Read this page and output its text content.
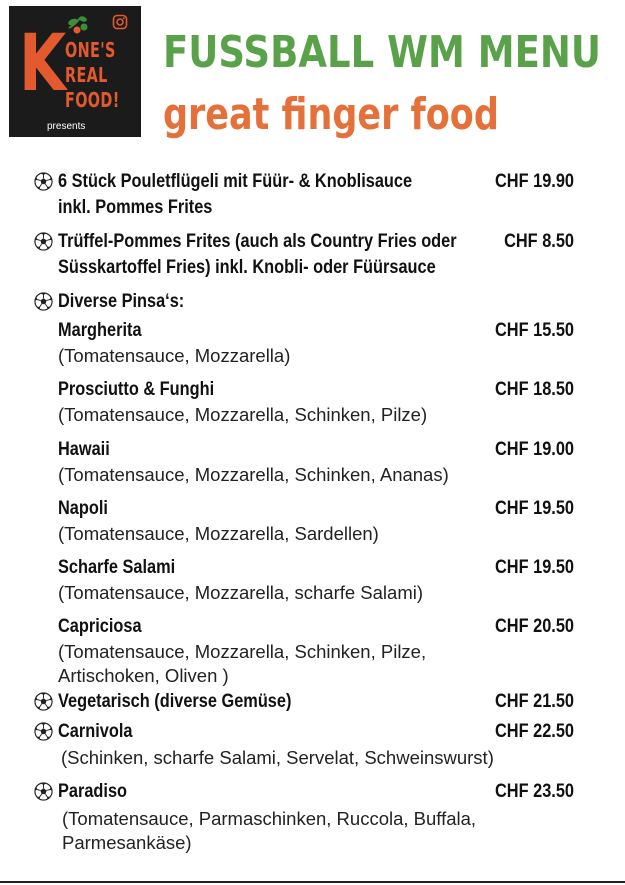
K
ONE'S
REAL
FOOD!
presents
FUSSBALL WM MENU
great finger food
6 Stück Pouletflügeli mit Füür- & Knoblisauce
inkl. Pommes Frites
CHF 19.90
Trüffel-Pommes Frites (auch als Country Fries oder
Süsskartoffel Fries) inkl. Knobli- oder Füürsauce
CHF 8.50
Diverse Pinsa‘s:
Margherita	CHF 15.50
(Tomatensauce, Mozzarella)
Prosciutto & Funghi	CHF 18.50
(Tomatensauce, Mozzarella, Schinken, Pilze)
Hawaii	CHF 19.00
(Tomatensauce, Mozzarella, Schinken, Ananas)
Napoli	CHF 19.50
(Tomatensauce, Mozzarella, Sardellen)
Scharfe Salami	CHF 19.50
(Tomatensauce, Mozzarella, scharfe Salami)
Capriciosa	CHF 20.50
(Tomatensauce, Mozzarella, Schinken, Pilze, Artischoken, Oliven )
Vegetarisch (diverse Gemüse)	CHF 21.50
Carnivola	CHF 22.50
(Schinken, scharfe Salami, Servelat, Schweinswurst)
Paradiso	CHF 23.50
(Tomatensauce, Parmaschinken, Ruccola, Buffala, Parmesankäse)
